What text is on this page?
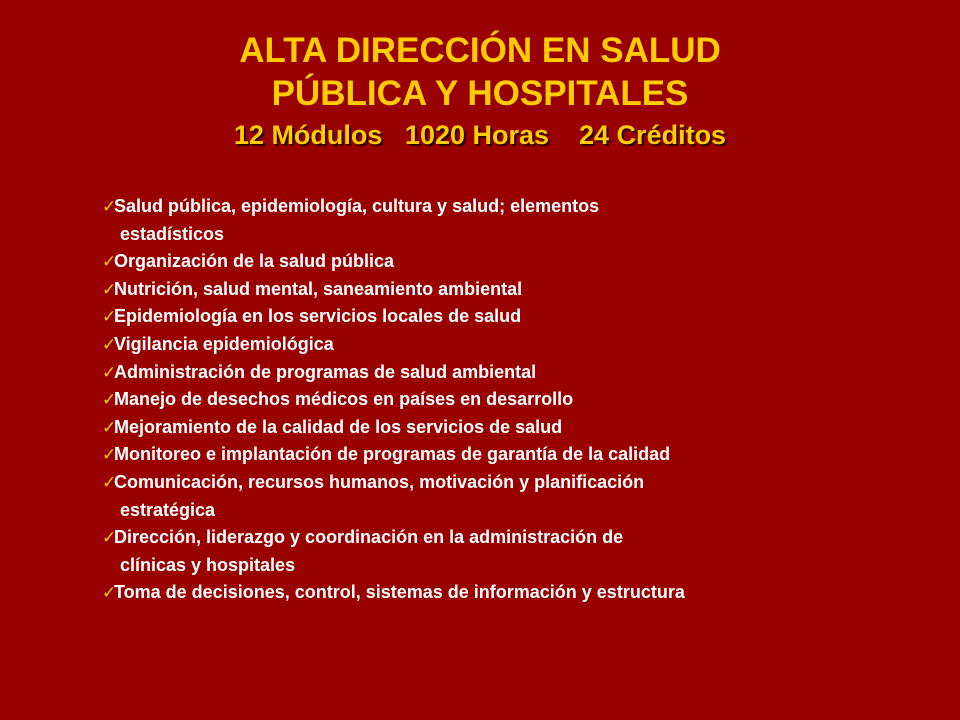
ALTA DIRECCIÓN EN SALUD
PÚBLICA Y HOSPITALES
12 Módulos   1020 Horas    24 Créditos
✓
Salud pública, epidemiología, cultura y salud; elementos
estadísticos
✓
Organización de la salud pública
✓
Nutrición, salud mental, saneamiento ambiental
✓
Epidemiología en los servicios locales de salud
✓
Vigilancia epidemiológica
✓
Administración de programas de salud ambiental
✓
Manejo de desechos médicos en países en desarrollo
✓
Mejoramiento de la calidad de los servicios de salud
✓
Monitoreo e implantación de programas de garantía de la calidad
✓
Comunicación, recursos humanos, motivación y planificación
estratégica
✓
Dirección, liderazgo y coordinación en la administración de
clínicas y hospitales
✓
Toma de decisiones, control, sistemas de información y estructura
